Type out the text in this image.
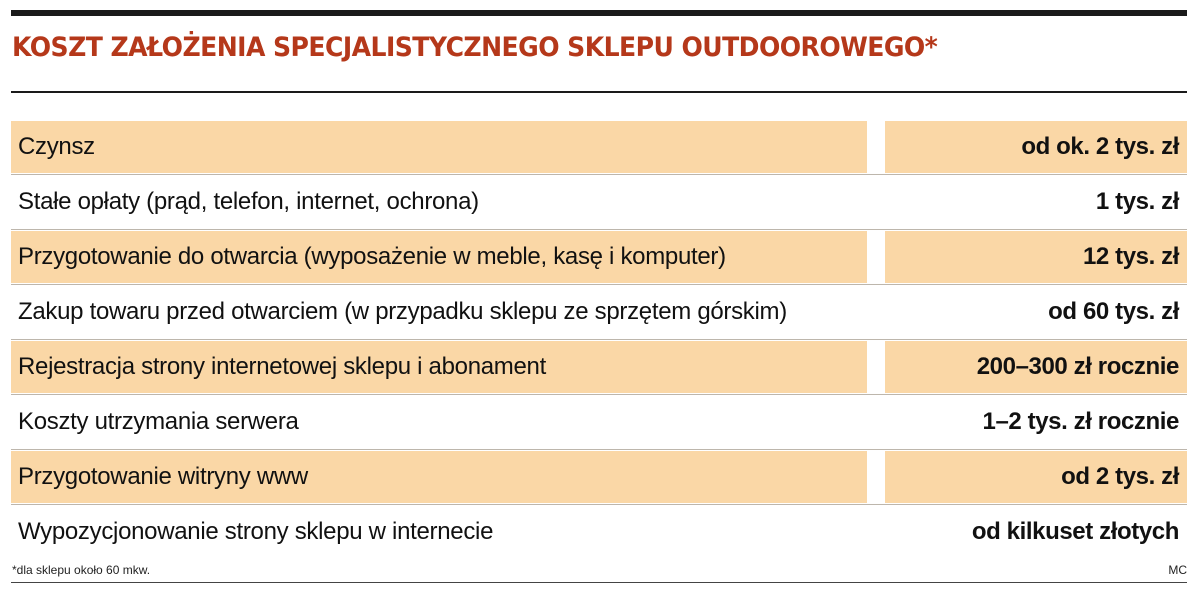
KOSZT ZAŁOŻENIA SPECJALISTYCZNEGO SKLEPU OUTDOOROWEGO*
Czynsz	od ok. 2 tys. zł
Stałe opłaty (prąd, telefon, internet, ochrona)	1 tys. zł
Przygotowanie do otwarcia (wyposażenie w meble, kasę i komputer)	12 tys. zł
Zakup towaru przed otwarciem (w przypadku sklepu ze sprzętem górskim)	od 60 tys. zł
Rejestracja strony internetowej sklepu i abonament	200–300 zł rocznie
Koszty utrzymania serwera	1–2 tys. zł rocznie
Przygotowanie witryny www	od 2 tys. zł
Wypozycjonowanie strony sklepu w internecie	od kilkuset złotych
*dla sklepu około 60 mkw.	MC
